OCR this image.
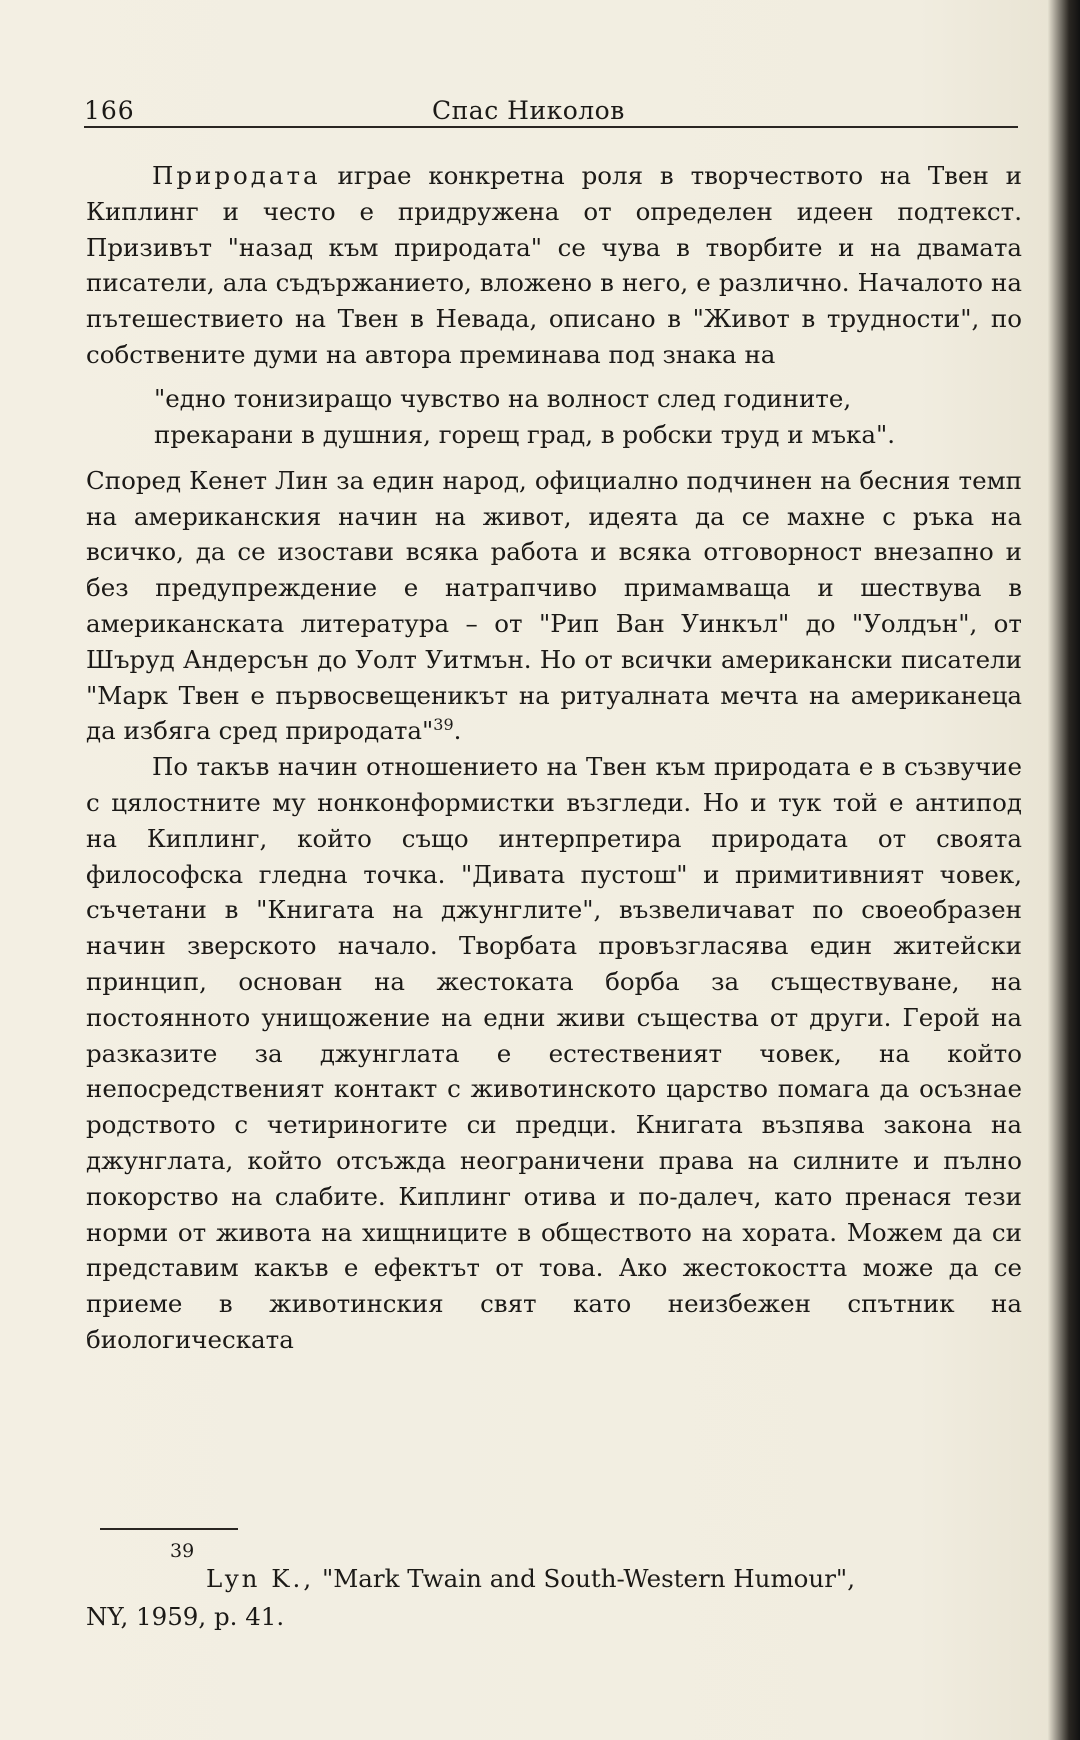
166	Спас Николов

Природата играе конкретна роля в творчеството на Твен и Киплинг и често е придружена от определен идеен подтекст. Призивът "назад към природата" се чува в творбите и на двамата писатели, ала съдържанието, вложено в него, е различно. Началото на пътешествието на Твен в Невада, описано в "Живот в трудности", по собствените думи на автора преминава под знака на

"едно тонизиращо чувство на волност след годините,
прекарани в душния, горещ град, в робски труд и мъка".

Според Кенет Лин за един народ, официално подчинен на бесния темп на американския начин на живот, идеята да се махне с ръка на всичко, да се изостави всяка работа и всяка отговорност внезапно и без предупреждение е натрапчиво примамваща и шествува в американската литература – от "Рип Ван Уинкъл" до "Уолдън", от Шъруд Андерсън до Уолт Уитмън. Но от всички американски писатели "Марк Твен е първосвещеникът на ритуалната мечта на американеца да избяга сред природата"$^{39}$.

По такъв начин отношението на Твен към природата е в съзвучие с цялостните му нонконформистки възгледи. Но и тук той е антипод на Киплинг, който също интерпретира природата от своята философска гледна точка. "Дивата пустош" и примитивният човек, съчетани в "Книгата на джунглите", възвеличават по своеобразен начин зверското начало. Творбата провъзгласява един житейски принцип, основан на жестоката борба за съществуване, на постоянното унищожение на едни живи същества от други. Герой на разказите за джунглата е естественият човек, на който непосредственият контакт с животинското царство помага да осъзнае родството с четириногите си предци. Книгата възпява закона на джунглата, който отсъжда неограничени права на силните и пълно покорство на слабите. Киплинг отива и по-далеч, като пренася тези норми от живота на хищниците в обществото на хората. Можем да си представим какъв е ефектът от това. Ако жестокостта може да се приеме в животинския свят като неизбежен спътник на биологическата

39
Lyn K., "Mark Twain and South-Western Humour",
NY, 1959, p. 41.
